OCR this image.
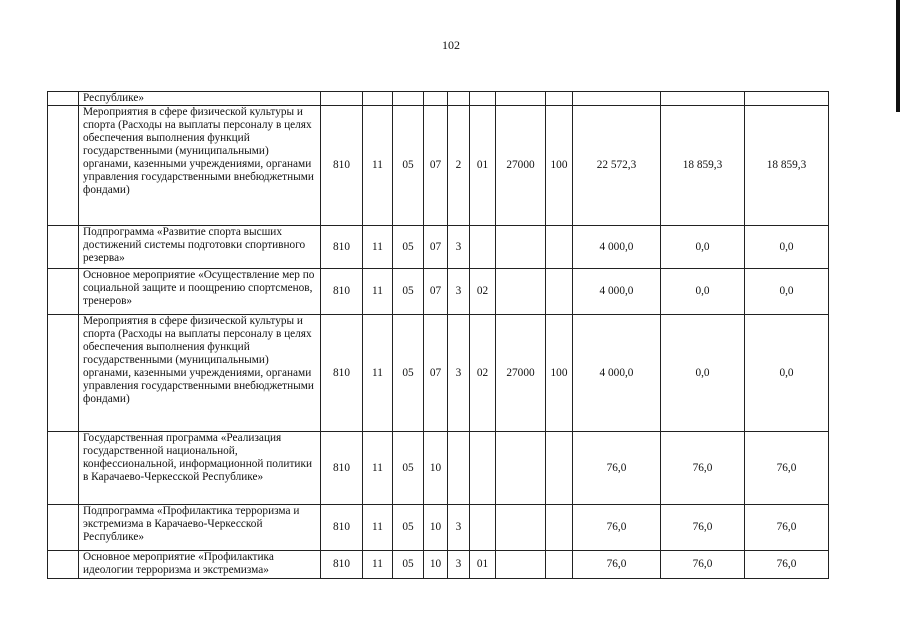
102
	Республике»											
	Мероприятия в сфере физической культуры и спорта (Расходы на выплаты персоналу в целях обеспечения выполнения функций государственными (муниципальными) органами, казенными учреждениями, органами управления государственными внебюджетными фондами)	810	11	05	07	2	01	27000	100	22 572,3	18 859,3	18 859,3
	Подпрограмма «Развитие спорта высших достижений системы подготовки спортивного резерва»	810	11	05	07	3				4 000,0	0,0	0,0
	Основное мероприятие «Осуществление мер по социальной защите и поощрению спортсменов, тренеров»	810	11	05	07	3	02			4 000,0	0,0	0,0
	Мероприятия в сфере физической культуры и спорта (Расходы на выплаты персоналу в целях обеспечения выполнения функций государственными (муниципальными) органами, казенными учреждениями, органами управления государственными внебюджетными фондами)	810	11	05	07	3	02	27000	100	4 000,0	0,0	0,0
	Государственная программа «Реализация государственной национальной, конфессиональной, информационной политики в Карачаево-Черкесской Республике»	810	11	05	10					76,0	76,0	76,0
	Подпрограмма «Профилактика терроризма и экстремизма в Карачаево-Черкесской Республике»	810	11	05	10	3				76,0	76,0	76,0
	Основное мероприятие «Профилактика идеологии терроризма и экстремизма»	810	11	05	10	3	01			76,0	76,0	76,0
